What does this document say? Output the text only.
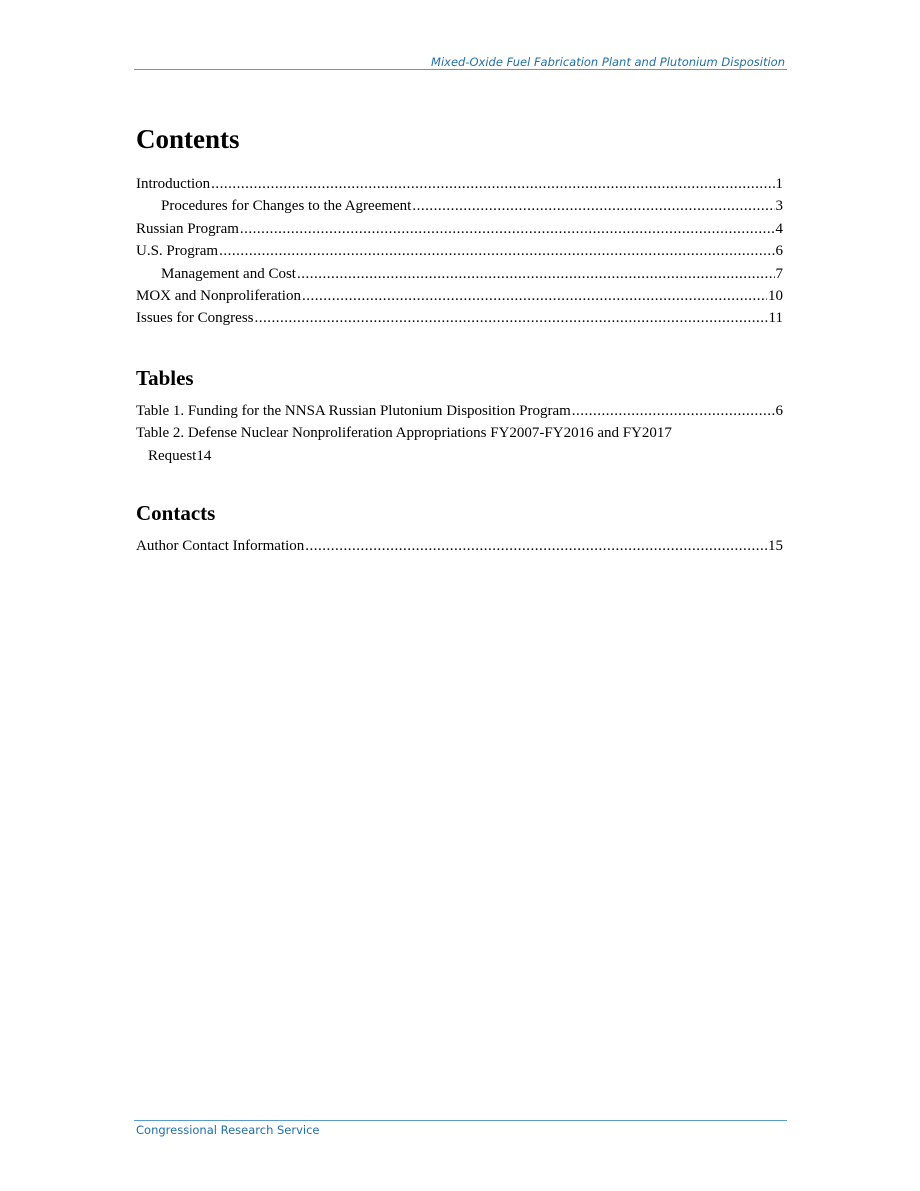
Mixed-Oxide Fuel Fabrication Plant and Plutonium Disposition
Contents
Introduction .....	1
Procedures for Changes to the Agreement .....	3
Russian Program .....	4
U.S. Program .....	6
Management and Cost .....	7
MOX and Nonproliferation .....	10
Issues for Congress .....	11
Tables
Table 1. Funding for the NNSA Russian Plutonium Disposition Program .....	6
Table 2. Defense Nuclear Nonproliferation Appropriations FY2007-FY2016 and FY2017
Request 14
Contacts
Author Contact Information .....	15
Congressional Research Service
